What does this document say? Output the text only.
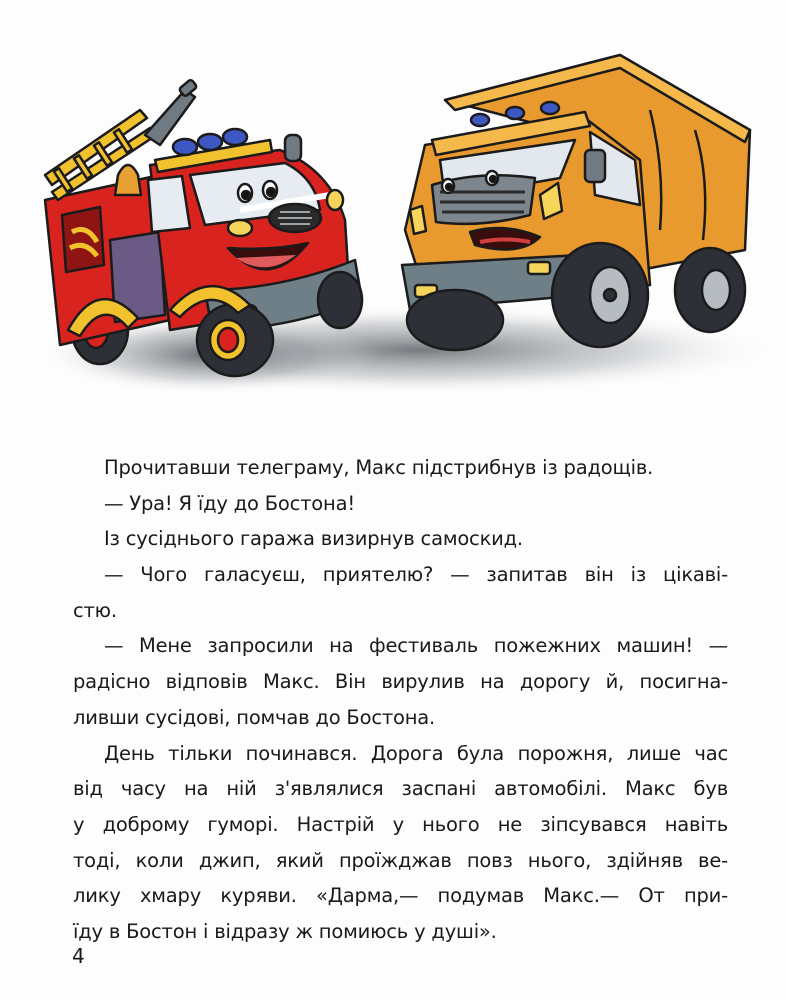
Прочитавши телеграму, Макс підстрибнув із радощів.
— Ура! Я їду до Бостона!
Із сусіднього гаража визирнув самоскид.
— Чого галасуєш, приятелю? — запитав він із цікаві-
стю.
— Мене запросили на фестиваль пожежних машин! —
радісно відповів Макс. Він вирулив на дорогу й, посигна-
ливши сусідові, помчав до Бостона.
День тільки починався. Дорога була порожня, лише час
від часу на ній з'являлися заспані автомобілі. Макс був
у доброму гуморі. Настрій у нього не зіпсувався навіть
тоді, коли джип, який проїжджав повз нього, здійняв ве-
лику хмару куряви. «Дарма,— подумав Макс.— От при-
їду в Бостон і відразу ж помиюсь у душі».
4
